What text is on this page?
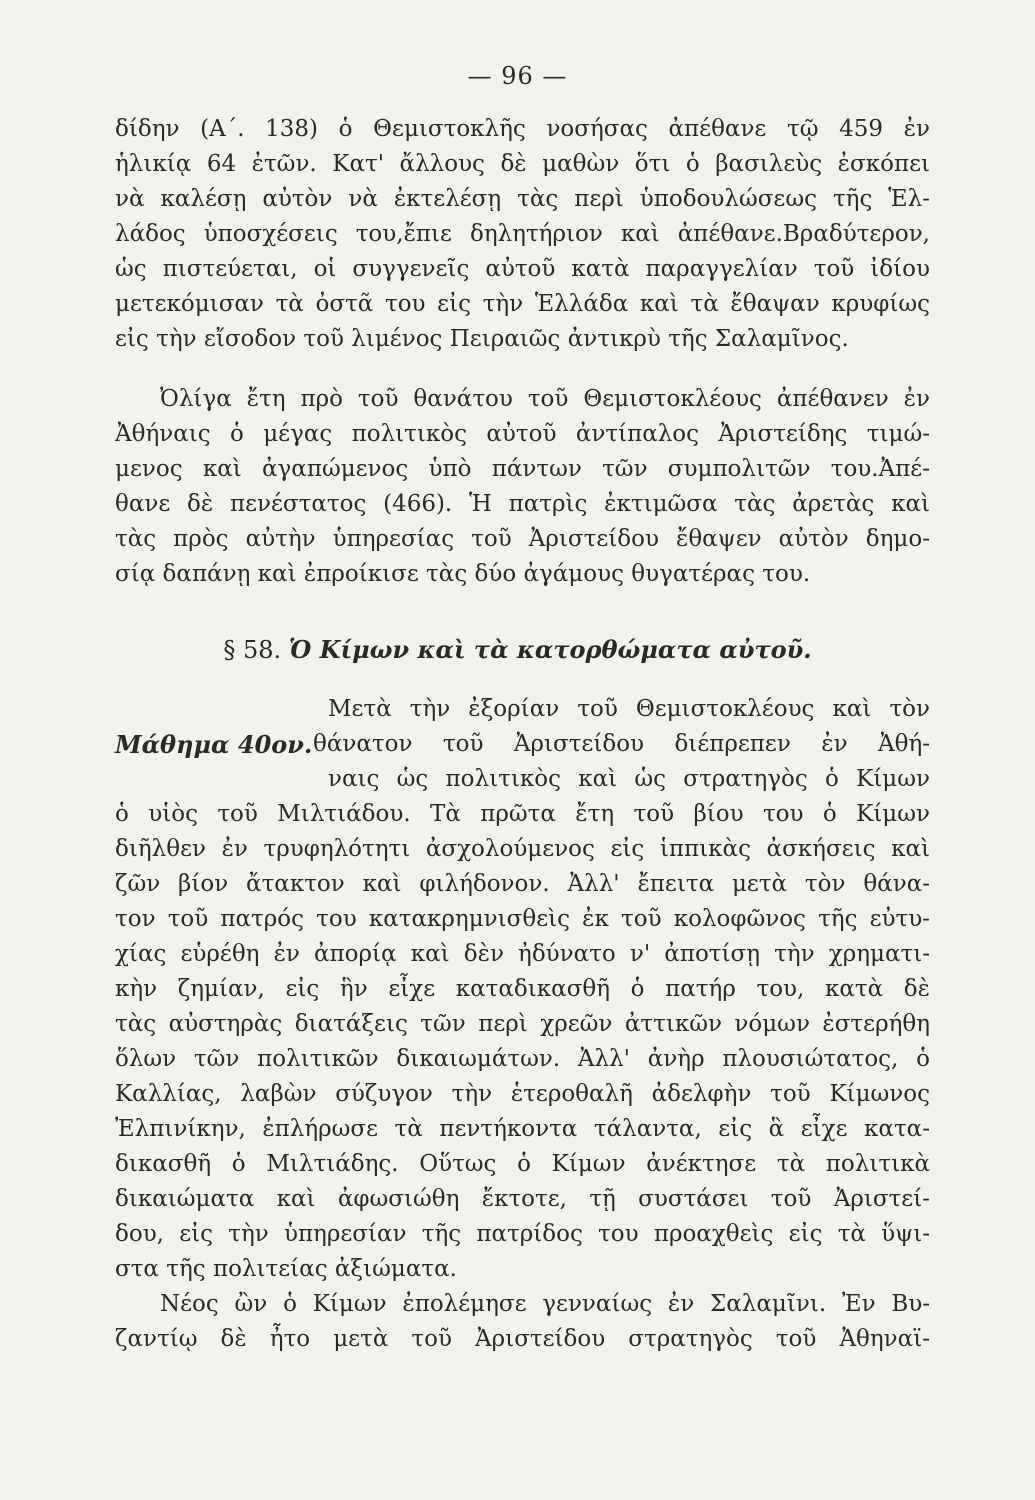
— 96 —
δίδην (Α΄. 138) ὁ Θεμιστοκλῆς νοσήσας ἀπέθανε τῷ 459 ἐν
ἡλικίᾳ 64 ἐτῶν. Κατ' ἄλλους δὲ μαθὼν ὅτι ὁ βασιλεὺς ἐσκόπει
νὰ καλέσῃ αὐτὸν νὰ ἐκτελέσῃ τὰς περὶ ὑποδουλώσεως τῆς Ἑλ-
λάδος ὑποσχέσεις του,ἔπιε δηλητήριον καὶ ἀπέθανε.Βραδύτερον,
ὡς πιστεύεται, οἱ συγγενεῖς αὐτοῦ κατὰ παραγγελίαν τοῦ ἰδίου
μετεκόμισαν τὰ ὀστᾶ του εἰς τὴν Ἑλλάδα καὶ τὰ ἔθαψαν κρυφίως
εἰς τὴν εἴσοδον τοῦ λιμένος Πειραιῶς ἀντικρὺ τῆς Σαλαμῖνος.
Ὀλίγα ἔτη πρὸ τοῦ θανάτου τοῦ Θεμιστοκλέους ἀπέθανεν ἐν
Ἀθήναις ὁ μέγας πολιτικὸς αὐτοῦ ἀντίπαλος Ἀριστείδης τιμώ-
μενος καὶ ἀγαπώμενος ὑπὸ πάντων τῶν συμπολιτῶν του.Ἀπέ-
θανε δὲ πενέστατος (466). Ἡ πατρὶς ἐκτιμῶσα τὰς ἀρετὰς καὶ
τὰς πρὸς αὐτὴν ὑπηρεσίας τοῦ Ἀριστείδου ἔθαψεν αὐτὸν δημο-
σίᾳ δαπάνῃ καὶ ἐπροίκισε τὰς δύο ἀγάμους θυγατέρας του.
§ 58. Ὁ Κίμων καὶ τὰ κατορθώματα αὐτοῦ.
Μετὰ τὴν ἐξορίαν τοῦ Θεμιστοκλέους καὶ τὸν
Μάθημα 40ον. θάνατον τοῦ Ἀριστείδου διέπρεπεν ἐν Ἀθή-
ναις ὡς πολιτικὸς καὶ ὡς στρατηγὸς ὁ Κίμων
ὁ υἱὸς τοῦ Μιλτιάδου. Τὰ πρῶτα ἔτη τοῦ βίου του ὁ Κίμων
διῆλθεν ἐν τρυφηλότητι ἀσχολούμενος εἰς ἱππικὰς ἀσκήσεις καὶ
ζῶν βίον ἄτακτον καὶ φιλήδονον. Ἀλλ' ἔπειτα μετὰ τὸν θάνα-
τον τοῦ πατρός του κατακρημνισθεὶς ἐκ τοῦ κολοφῶνος τῆς εὐτυ-
χίας εὑρέθη ἐν ἀπορίᾳ καὶ δὲν ἠδύνατο ν' ἀποτίσῃ τὴν χρηματι-
κὴν ζημίαν, εἰς ἣν εἶχε καταδικασθῆ ὁ πατήρ του, κατὰ δὲ
τὰς αὐστηρὰς διατάξεις τῶν περὶ χρεῶν ἀττικῶν νόμων ἐστερήθη
ὅλων τῶν πολιτικῶν δικαιωμάτων. Ἀλλ' ἀνὴρ πλουσιώτατος, ὁ
Καλλίας, λαβὼν σύζυγον τὴν ἑτεροθαλῆ ἀδελφὴν τοῦ Κίμωνος
Ἐλπινίκην, ἐπλήρωσε τὰ πεντήκοντα τάλαντα, εἰς ἃ εἶχε κατα-
δικασθῆ ὁ Μιλτιάδης. Οὕτως ὁ Κίμων ἀνέκτησε τὰ πολιτικὰ
δικαιώματα καὶ ἀφωσιώθη ἔκτοτε, τῇ συστάσει τοῦ Ἀριστεί-
δου, εἰς τὴν ὑπηρεσίαν τῆς πατρίδος του προαχθεὶς εἰς τὰ ὕψι-
στα τῆς πολιτείας ἀξιώματα.
Νέος ὢν ὁ Κίμων ἐπολέμησε γενναίως ἐν Σαλαμῖνι. Ἐν Βυ-
ζαντίῳ δὲ ἦτο μετὰ τοῦ Ἀριστείδου στρατηγὸς τοῦ Ἀθηναϊ-
